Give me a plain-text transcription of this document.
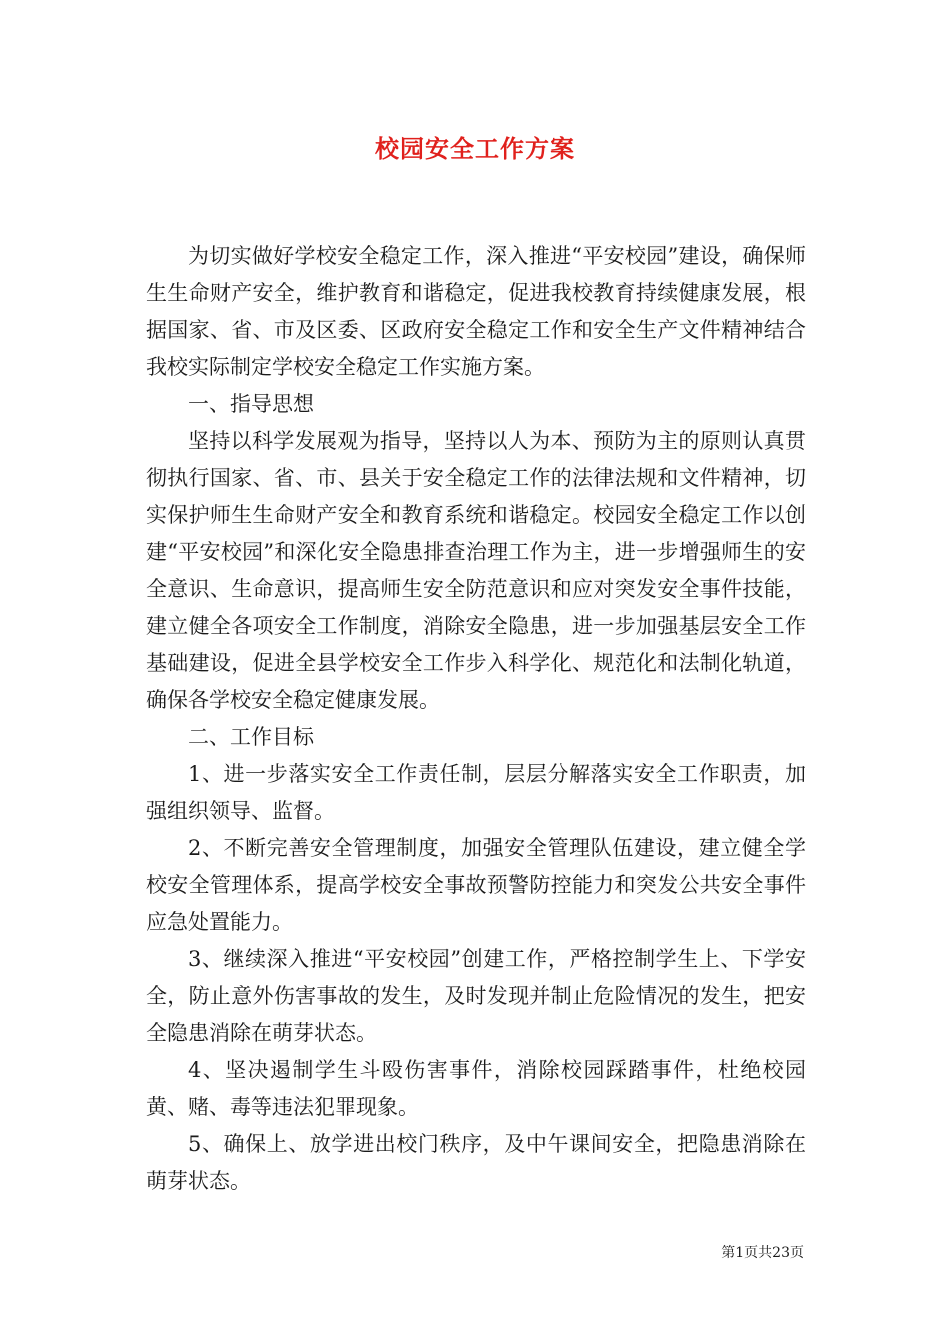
校园安全工作方案

为切实做好学校安全稳定工作，深入推进“平安校园”建设，确保师生生命财产安全，维护教育和谐稳定，促进我校教育持续健康发展，根据国家、省、市及区委、区政府安全稳定工作和安全生产文件精神结合我校实际制定学校安全稳定工作实施方案。

一、指导思想

坚持以科学发展观为指导，坚持以人为本、预防为主的原则认真贯彻执行国家、省、市、县关于安全稳定工作的法律法规和文件精神，切实保护师生生命财产安全和教育系统和谐稳定。校园安全稳定工作以创建“平安校园”和深化安全隐患排查治理工作为主，进一步增强师生的安全意识、生命意识，提高师生安全防范意识和应对突发安全事件技能，建立健全各项安全工作制度，消除安全隐患，进一步加强基层安全工作基础建设，促进全县学校安全工作步入科学化、规范化和法制化轨道，确保各学校安全稳定健康发展。

二、工作目标

1、进一步落实安全工作责任制，层层分解落实安全工作职责，加强组织领导、监督。

2、不断完善安全管理制度，加强安全管理队伍建设，建立健全学校安全管理体系，提高学校安全事故预警防控能力和突发公共安全事件应急处置能力。

3、继续深入推进“平安校园”创建工作，严格控制学生上、下学安全，防止意外伤害事故的发生，及时发现并制止危险情况的发生，把安全隐患消除在萌芽状态。

4、坚决遏制学生斗殴伤害事件，消除校园踩踏事件，杜绝校园黄、赌、毒等违法犯罪现象。

5、确保上、放学进出校门秩序，及中午课间安全，把隐患消除在萌芽状态。

第1页共23页
